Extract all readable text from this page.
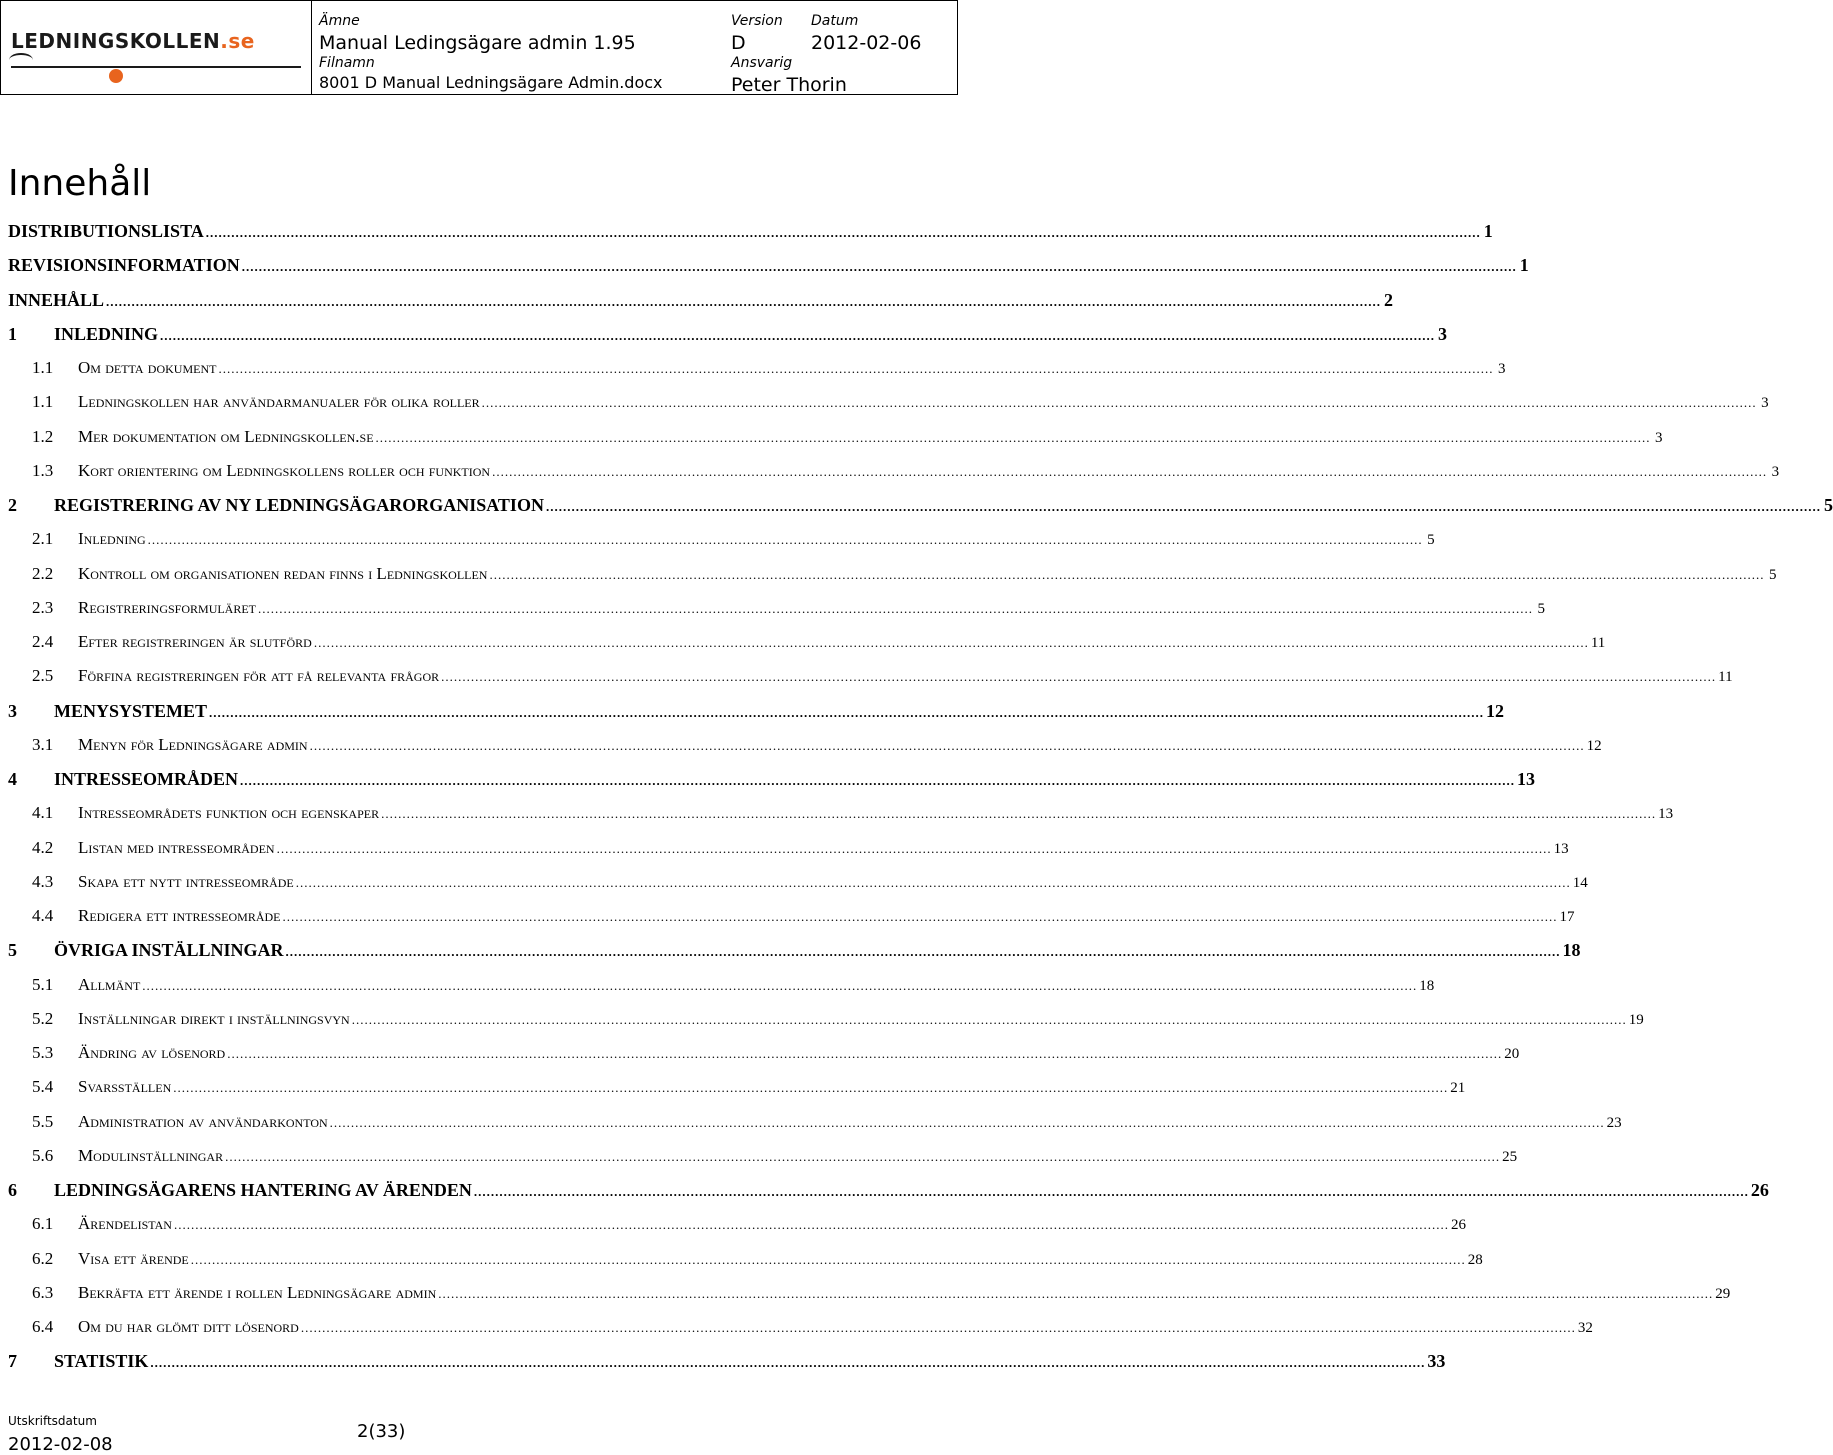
LEDNINGSKOLLEN.se
Ämne
Manual Ledingsägare admin 1.95
Filnamn
8001 D Manual Ledningsägare Admin.docx
Version
D
Datum
2012-02-06
Ansvarig
Peter Thorin
Innehåll
DISTRIBUTIONSLISTA ............................................................................................................................................................................................................................................................................................................ 1
REVISIONSINFORMATION ............................................................................................................................................................................................................................................................................................................ 1
INNEHÅLL ............................................................................................................................................................................................................................................................................................................ 2
1	INLEDNING ............................................................................................................................................................................................................................................................................................................ 3
1.1	Om detta dokument ............................................................................................................................................................................................................................................................................................................ 3
1.1	Ledningskollen har användarmanualer för olika roller ............................................................................................................................................................................................................................................................................................................ 3
1.2	Mer dokumentation om Ledningskollen.se ............................................................................................................................................................................................................................................................................................................ 3
1.3	Kort orientering om Ledningskollens roller och funktion ............................................................................................................................................................................................................................................................................................................ 3
2	REGISTRERING AV NY LEDNINGSÄGARORGANISATION ............................................................................................................................................................................................................................................................................................................ 5
2.1	Inledning ............................................................................................................................................................................................................................................................................................................ 5
2.2	Kontroll om organisationen redan finns i Ledningskollen ............................................................................................................................................................................................................................................................................................................ 5
2.3	Registreringsformuläret ............................................................................................................................................................................................................................................................................................................ 5
2.4	Efter registreringen är slutförd ............................................................................................................................................................................................................................................................................................................ 11
2.5	Förfina registreringen för att få relevanta frågor ............................................................................................................................................................................................................................................................................................................ 11
3	MENYSYSTEMET ............................................................................................................................................................................................................................................................................................................ 12
3.1	Menyn för Ledningsägare admin ............................................................................................................................................................................................................................................................................................................ 12
4	INTRESSEOMRÅDEN ............................................................................................................................................................................................................................................................................................................ 13
4.1	Intresseområdets funktion och egenskaper ............................................................................................................................................................................................................................................................................................................ 13
4.2	Listan med intresseområden ............................................................................................................................................................................................................................................................................................................ 13
4.3	Skapa ett nytt intresseområde ............................................................................................................................................................................................................................................................................................................ 14
4.4	Redigera ett intresseområde ............................................................................................................................................................................................................................................................................................................ 17
5	ÖVRIGA INSTÄLLNINGAR ............................................................................................................................................................................................................................................................................................................ 18
5.1	Allmänt ............................................................................................................................................................................................................................................................................................................ 18
5.2	Inställningar direkt i inställningsvyn ............................................................................................................................................................................................................................................................................................................ 19
5.3	Ändring av lösenord ............................................................................................................................................................................................................................................................................................................ 20
5.4	Svarsställen ............................................................................................................................................................................................................................................................................................................ 21
5.5	Administration av användarkonton ............................................................................................................................................................................................................................................................................................................ 23
5.6	Modulinställningar ............................................................................................................................................................................................................................................................................................................ 25
6	LEDNINGSÄGARENS HANTERING AV ÄRENDEN ............................................................................................................................................................................................................................................................................................................ 26
6.1	Ärendelistan ............................................................................................................................................................................................................................................................................................................ 26
6.2	Visa ett ärende ............................................................................................................................................................................................................................................................................................................ 28
6.3	Bekräfta ett ärende i rollen Ledningsägare admin ............................................................................................................................................................................................................................................................................................................ 29
6.4	Om du har glömt ditt lösenord ............................................................................................................................................................................................................................................................................................................ 32
7	STATISTIK ............................................................................................................................................................................................................................................................................................................ 33
Utskriftsdatum
2012-02-08
2(33)
